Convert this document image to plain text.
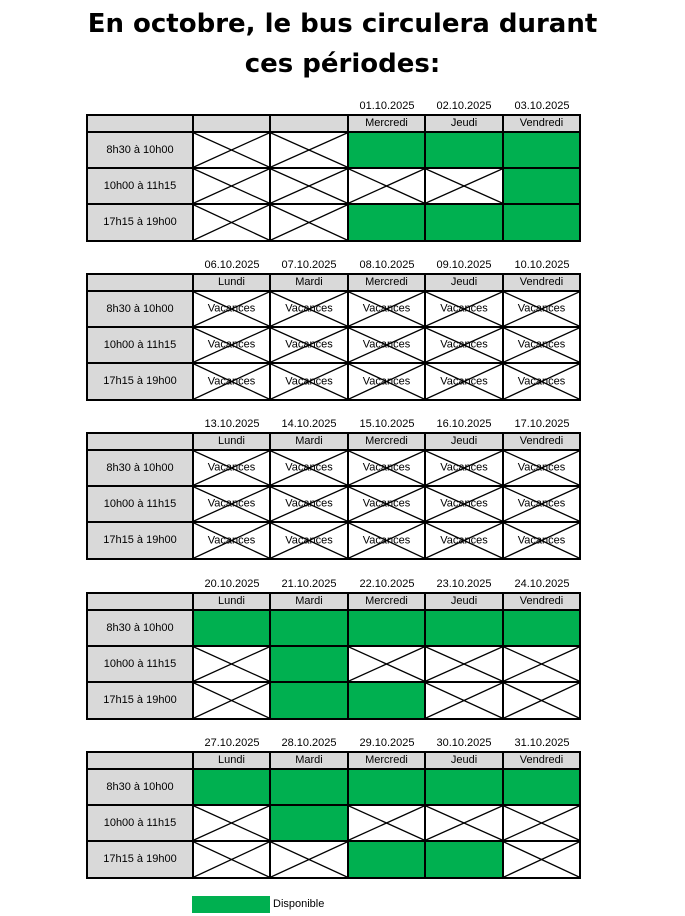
En octobre, le bus circulera durant
ces périodes:
01.10.2025	02.10.2025	03.10.2025
Mercredi	Jeudi	Vendredi
8h30 à 10h00
10h00 à 11h15
17h15 à 19h00
06.10.2025	07.10.2025	08.10.2025	09.10.2025	10.10.2025
Lundi	Mardi	Mercredi	Jeudi	Vendredi
8h30 à 10h00	Vacances	Vacances	Vacances	Vacances	Vacances
10h00 à 11h15	Vacances	Vacances	Vacances	Vacances	Vacances
17h15 à 19h00	Vacances	Vacances	Vacances	Vacances	Vacances
13.10.2025	14.10.2025	15.10.2025	16.10.2025	17.10.2025
Lundi	Mardi	Mercredi	Jeudi	Vendredi
8h30 à 10h00	Vacances	Vacances	Vacances	Vacances	Vacances
10h00 à 11h15	Vacances	Vacances	Vacances	Vacances	Vacances
17h15 à 19h00	Vacances	Vacances	Vacances	Vacances	Vacances
20.10.2025	21.10.2025	22.10.2025	23.10.2025	24.10.2025
Lundi	Mardi	Mercredi	Jeudi	Vendredi
8h30 à 10h00
10h00 à 11h15
17h15 à 19h00
27.10.2025	28.10.2025	29.10.2025	30.10.2025	31.10.2025
Lundi	Mardi	Mercredi	Jeudi	Vendredi
8h30 à 10h00
10h00 à 11h15
17h15 à 19h00
Disponible
